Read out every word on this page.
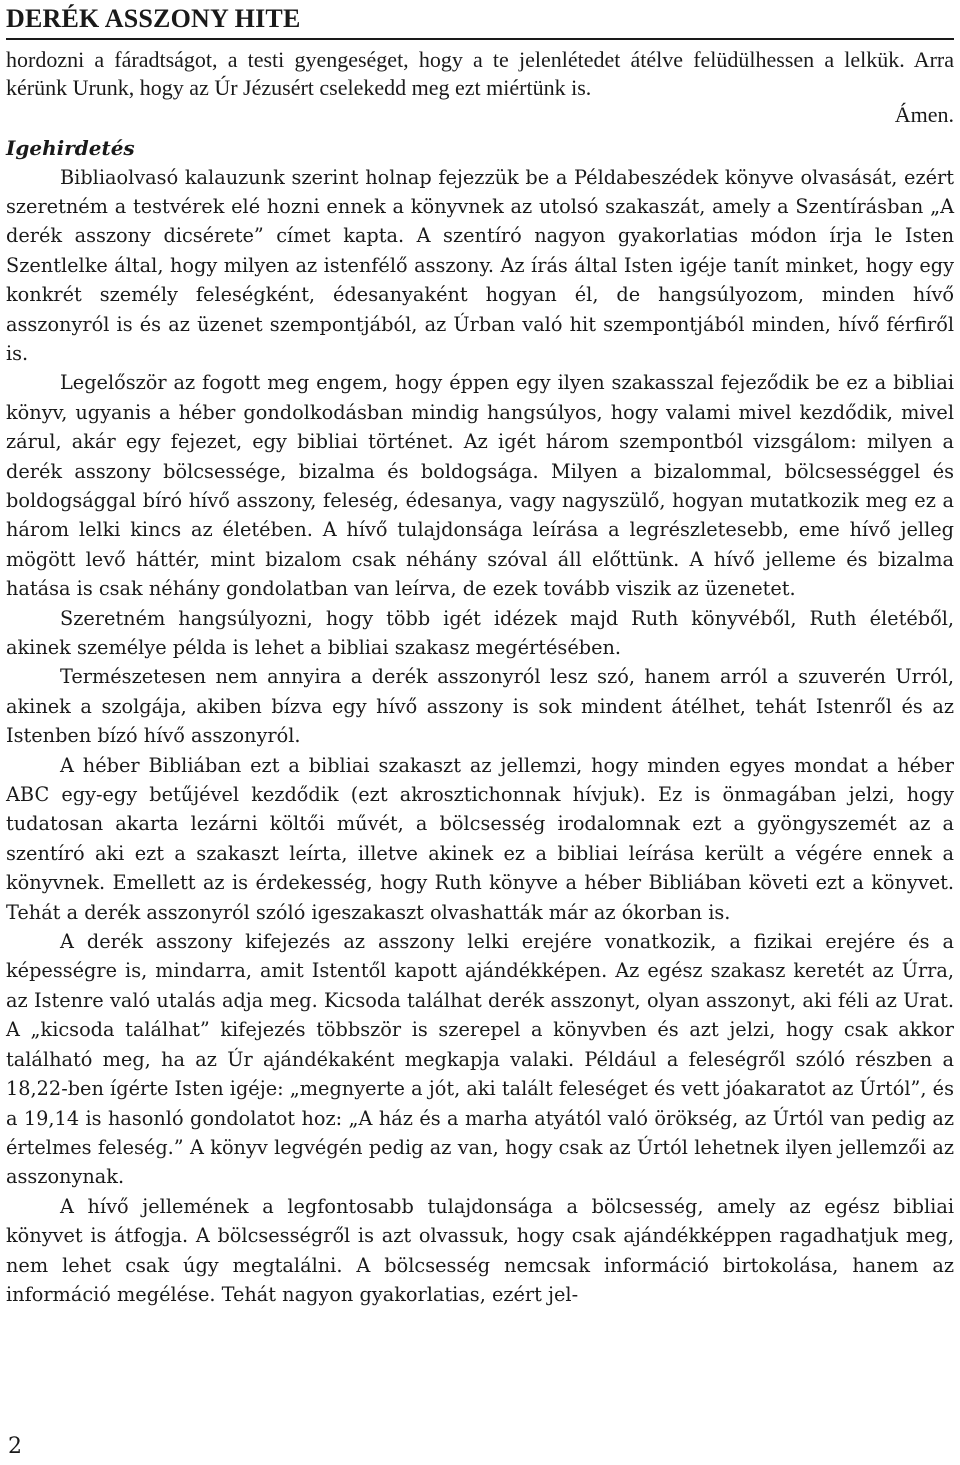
DERÉK ASSZONY HITE

hordozni a fáradtságot, a testi gyengeséget, hogy a te jelenlétedet átélve felüdülhessen a lelkük. Arra kérünk Urunk, hogy az Úr Jézusért cselekedd meg ezt miértünk is.

Ámen.

Igehirdetés

Bibliaolvasó kalauzunk szerint holnap fejezzük be a Példabeszédek könyve olvasását, ezért szeretném a testvérek elé hozni ennek a könyvnek az utolsó szakaszát, amely a Szentírásban „A derék asszony dicsérete” címet kapta. A szentíró nagyon gyakorlatias módon írja le Isten Szentlelke által, hogy milyen az istenfélő asszony. Az írás által Isten igéje tanít minket, hogy egy konkrét személy feleségként, édesanyaként hogyan él, de hangsúlyozom, minden hívő asszonyról is és az üzenet szempontjából, az Úrban való hit szempontjából minden, hívő férfiről is.

Legelőször az fogott meg engem, hogy éppen egy ilyen szakasszal fejeződik be ez a bibliai könyv, ugyanis a héber gondolkodásban mindig hangsúlyos, hogy valami mivel kezdődik, mivel zárul, akár egy fejezet, egy bibliai történet. Az igét három szempontból vizsgálom: milyen a derék asszony bölcsessége, bizalma és boldogsága. Milyen a bizalommal, bölcsességgel és boldogsággal bíró hívő asszony, feleség, édesanya, vagy nagyszülő, hogyan mutatkozik meg ez a három lelki kincs az életében. A hívő tulajdonsága leírása a legrészletesebb, eme hívő jelleg mögött levő háttér, mint bizalom csak néhány szóval áll előttünk. A hívő jelleme és bizalma hatása is csak néhány gondolatban van leírva, de ezek tovább viszik az üzenetet.

Szeretném hangsúlyozni, hogy több igét idézek majd Ruth könyvéből, Ruth életéből, akinek személye példa is lehet a bibliai szakasz megértésében.

Természetesen nem annyira a derék asszonyról lesz szó, hanem arról a szuverén Urról, akinek a szolgája, akiben bízva egy hívő asszony is sok mindent átélhet, tehát Istenről és az Istenben bízó hívő asszonyról.

A héber Bibliában ezt a bibliai szakaszt az jellemzi, hogy minden egyes mondat a héber ABC egy-egy betűjével kezdődik (ezt akrosztichonnak hívjuk). Ez is önmagában jelzi, hogy tudatosan akarta lezárni költői művét, a bölcsesség irodalomnak ezt a gyöngyszemét az a szentíró aki ezt a szakaszt leírta, illetve akinek ez a bibliai leírása került a végére ennek a könyvnek. Emellett az is érdekesség, hogy Ruth könyve a héber Bibliában követi ezt a könyvet. Tehát a derék asszonyról szóló igeszakaszt olvashatták már az ókorban is.

A derék asszony kifejezés az asszony lelki erejére vonatkozik, a fizikai erejére és a képességre is, mindarra, amit Istentől kapott ajándékképen. Az egész szakasz keretét az Úrra, az Istenre való utalás adja meg. Kicsoda találhat derék asszonyt, olyan asszonyt, aki féli az Urat. A „kicsoda találhat” kifejezés többször is szerepel a könyvben és azt jelzi, hogy csak akkor található meg, ha az Úr ajándékaként megkapja valaki. Például a feleségről szóló részben a 18,22-ben ígérte Isten igéje: „megnyerte a jót, aki talált feleséget és vett jóakaratot az Úrtól”, és a 19,14 is hasonló gondolatot hoz: „A ház és a marha atyától való örökség, az Úrtól van pedig az értelmes feleség.” A könyv legvégén pedig az van, hogy csak az Úrtól lehetnek ilyen jellemzői az asszonynak.

A hívő jellemének a legfontosabb tulajdonsága a bölcsesség, amely az egész bibliai könyvet is átfogja. A bölcsességről is azt olvassuk, hogy csak ajándékképpen ragadhatjuk meg, nem lehet csak úgy megtalálni. A bölcsesség nemcsak információ birtokolása, hanem az információ megélése. Tehát nagyon gyakorlatias, ezért jel-

2
